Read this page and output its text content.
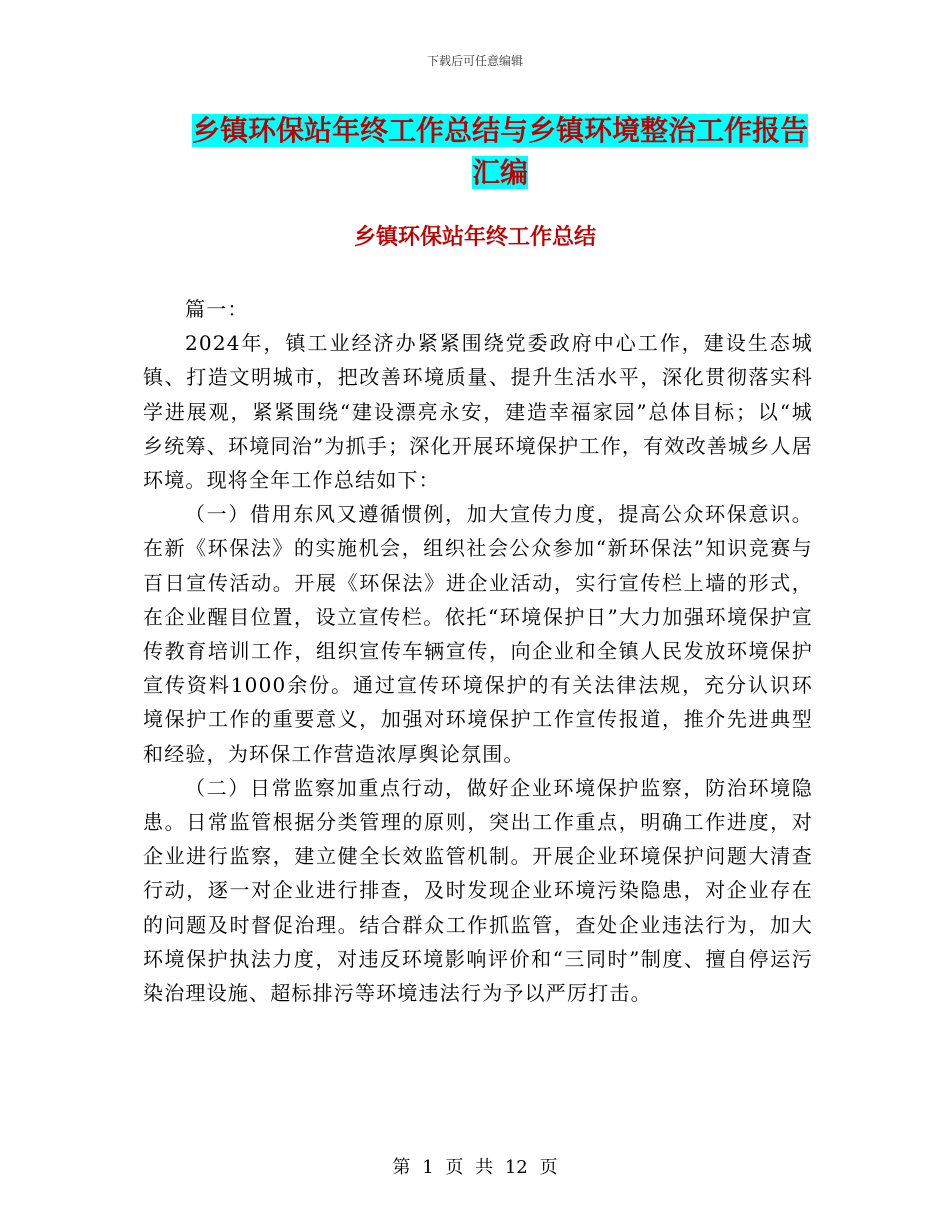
下载后可任意编辑
乡镇环保站年终工作总结与乡镇环境整治工作报告汇编
乡镇环保站年终工作总结

篇一：

2024年，镇工业经济办紧紧围绕党委政府中心工作，建设生态城镇、打造文明城市，把改善环境质量、提升生活水平，深化贯彻落实科学进展观，紧紧围绕“建设漂亮永安，建造幸福家园”总体目标；以“城乡统筹、环境同治”为抓手；深化开展环境保护工作，有效改善城乡人居环境。现将全年工作总结如下：

（一）借用东风又遵循惯例，加大宣传力度，提高公众环保意识。在新《环保法》的实施机会，组织社会公众参加“新环保法”知识竞赛与百日宣传活动。开展《环保法》进企业活动，实行宣传栏上墙的形式，在企业醒目位置，设立宣传栏。依托“环境保护日”大力加强环境保护宣传教育培训工作，组织宣传车辆宣传，向企业和全镇人民发放环境保护宣传资料1000余份。通过宣传环境保护的有关法律法规，充分认识环境保护工作的重要意义，加强对环境保护工作宣传报道，推介先进典型和经验，为环保工作营造浓厚舆论氛围。

（二）日常监察加重点行动，做好企业环境保护监察，防治环境隐患。日常监管根据分类管理的原则，突出工作重点，明确工作进度，对企业进行监察，建立健全长效监管机制。开展企业环境保护问题大清查行动，逐一对企业进行排查，及时发现企业环境污染隐患，对企业存在的问题及时督促治理。结合群众工作抓监管，查处企业违法行为，加大环境保护执法力度，对违反环境影响评价和“三同时”制度、擅自停运污染治理设施、超标排污等环境违法行为予以严厉打击。

第 1 页 共 12 页
